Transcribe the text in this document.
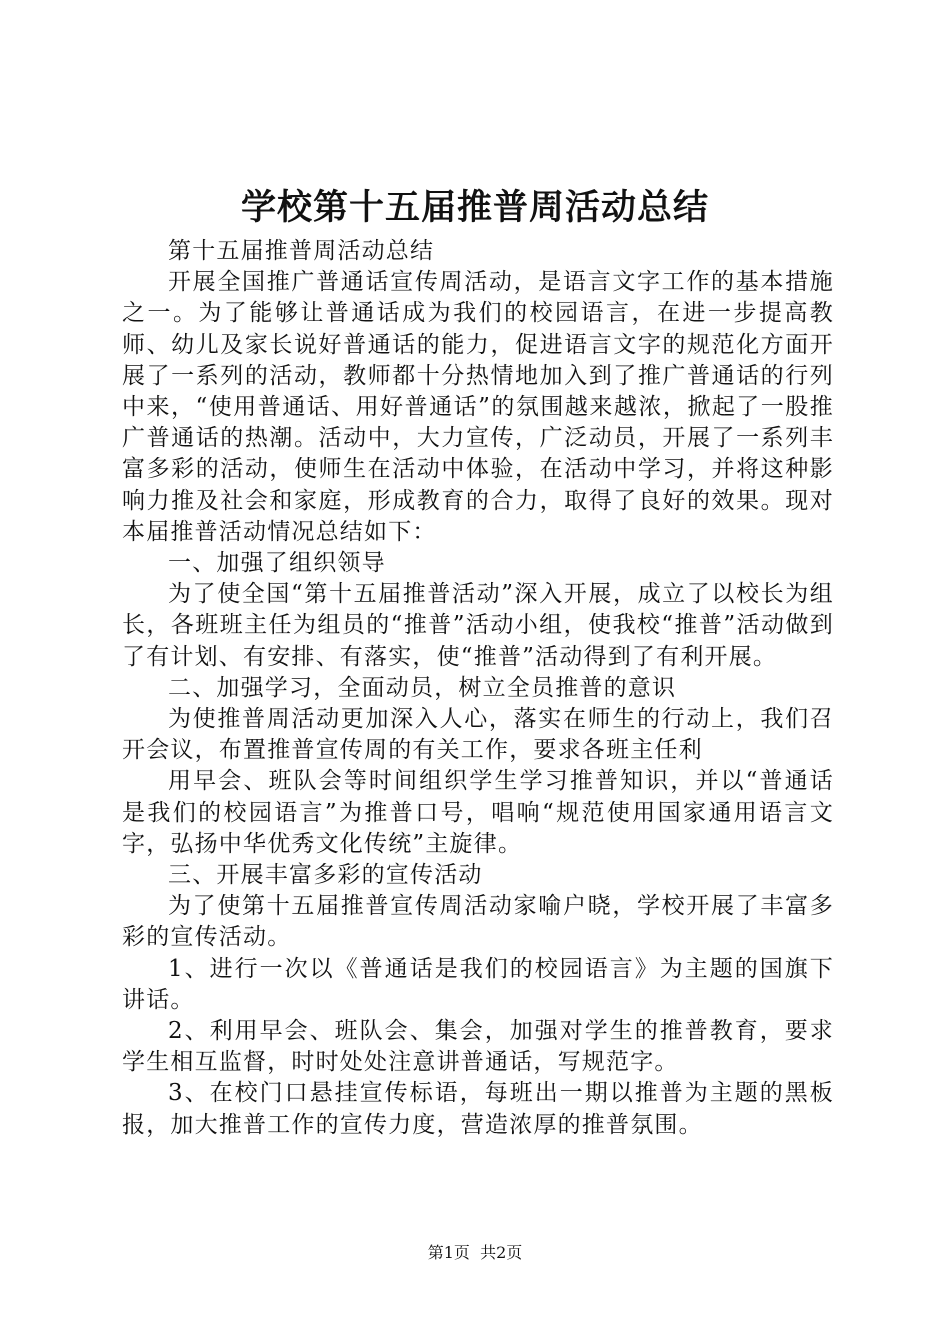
学校第十五届推普周活动总结

第十五届推普周活动总结

开展全国推广普通话宣传周活动，是语言文字工作的基本措施之一。为了能够让普通话成为我们的校园语言，在进一步提高教师、幼儿及家长说好普通话的能力，促进语言文字的规范化方面开展了一系列的活动，教师都十分热情地加入到了推广普通话的行列中来，“使用普通话、用好普通话”的氛围越来越浓，掀起了一股推广普通话的热潮。活动中，大力宣传，广泛动员，开展了一系列丰富多彩的活动，使师生在活动中体验，在活动中学习，并将这种影响力推及社会和家庭，形成教育的合力，取得了良好的效果。现对本届推普活动情况总结如下：

一、加强了组织领导

为了使全国“第十五届推普活动”深入开展，成立了以校长为组长，各班班主任为组员的“推普”活动小组，使我校“推普”活动做到了有计划、有安排、有落实，使“推普”活动得到了有利开展。

二、加强学习，全面动员，树立全员推普的意识

为使推普周活动更加深入人心，落实在师生的行动上，我们召开会议，布置推普宣传周的有关工作，要求各班主任利

用早会、班队会等时间组织学生学习推普知识，并以“普通话是我们的校园语言”为推普口号，唱响“规范使用国家通用语言文字，弘扬中华优秀文化传统”主旋律。

三、开展丰富多彩的宣传活动

为了使第十五届推普宣传周活动家喻户晓，学校开展了丰富多彩的宣传活动。

1、进行一次以《普通话是我们的校园语言》为主题的国旗下讲话。

2、利用早会、班队会、集会，加强对学生的推普教育，要求学生相互监督，时时处处注意讲普通话，写规范字。

3、在校门口悬挂宣传标语，每班出一期以推普为主题的黑板报，加大推普工作的宣传力度，营造浓厚的推普氛围。

第1页  共2页
